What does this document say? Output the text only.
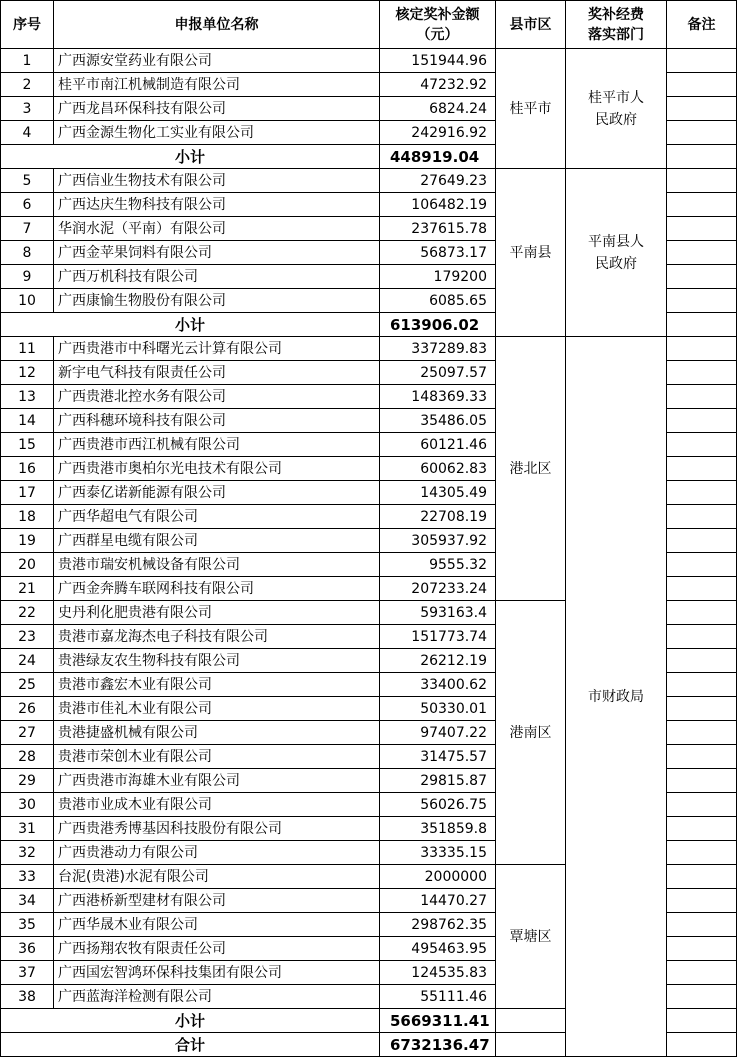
序号	申报单位名称	核定奖补金额（元）	县市区	奖补经费落实部门	备注
1	广西源安堂药业有限公司	151944.96	桂平市	桂平市人民政府	
2	桂平市南江机械制造有限公司	47232.92			
3	广西龙昌环保科技有限公司	6824.24			
4	广西金源生物化工实业有限公司	242916.92			
小计		448919.04			
5	广西信业生物技术有限公司	27649.23	平南县	平南县人民政府	
6	广西达庆生物科技有限公司	106482.19			
7	华润水泥（平南）有限公司	237615.78			
8	广西金苹果饲料有限公司	56873.17			
9	广西万机科技有限公司	179200			
10	广西康愉生物股份有限公司	6085.65			
小计		613906.02			
11	广西贵港市中科曙光云计算有限公司	337289.83	港北区	市财政局	
12	新宇电气科技有限责任公司	25097.57			
13	广西贵港北控水务有限公司	148369.33			
14	广西科穗环境科技有限公司	35486.05			
15	广西贵港市西江机械有限公司	60121.46			
16	广西贵港市奥柏尔光电技术有限公司	60062.83			
17	广西泰亿诺新能源有限公司	14305.49			
18	广西华超电气有限公司	22708.19			
19	广西群星电缆有限公司	305937.92			
20	贵港市瑞安机械设备有限公司	9555.32			
21	广西金奔腾车联网科技有限公司	207233.24			
22	史丹利化肥贵港有限公司	593163.4	港南区		
23	贵港市嘉龙海杰电子科技有限公司	151773.74			
24	贵港绿友农生物科技有限公司	26212.19			
25	贵港市鑫宏木业有限公司	33400.62			
26	贵港市佳礼木业有限公司	50330.01			
27	贵港捷盛机械有限公司	97407.22			
28	贵港市荣创木业有限公司	31475.57			
29	广西贵港市海雄木业有限公司	29815.87			
30	贵港市业成木业有限公司	56026.75			
31	广西贵港秀博基因科技股份有限公司	351859.8			
32	广西贵港动力有限公司	33335.15			
33	台泥(贵港)水泥有限公司	2000000	覃塘区		
34	广西港桥新型建材有限公司	14470.27			
35	广西华晟木业有限公司	298762.35			
36	广西扬翔农牧有限责任公司	495463.95			
37	广西国宏智鸿环保科技集团有限公司	124535.83			
38	广西蓝海洋检测有限公司	55111.46			
小计		5669311.41			
合计		6732136.47			
